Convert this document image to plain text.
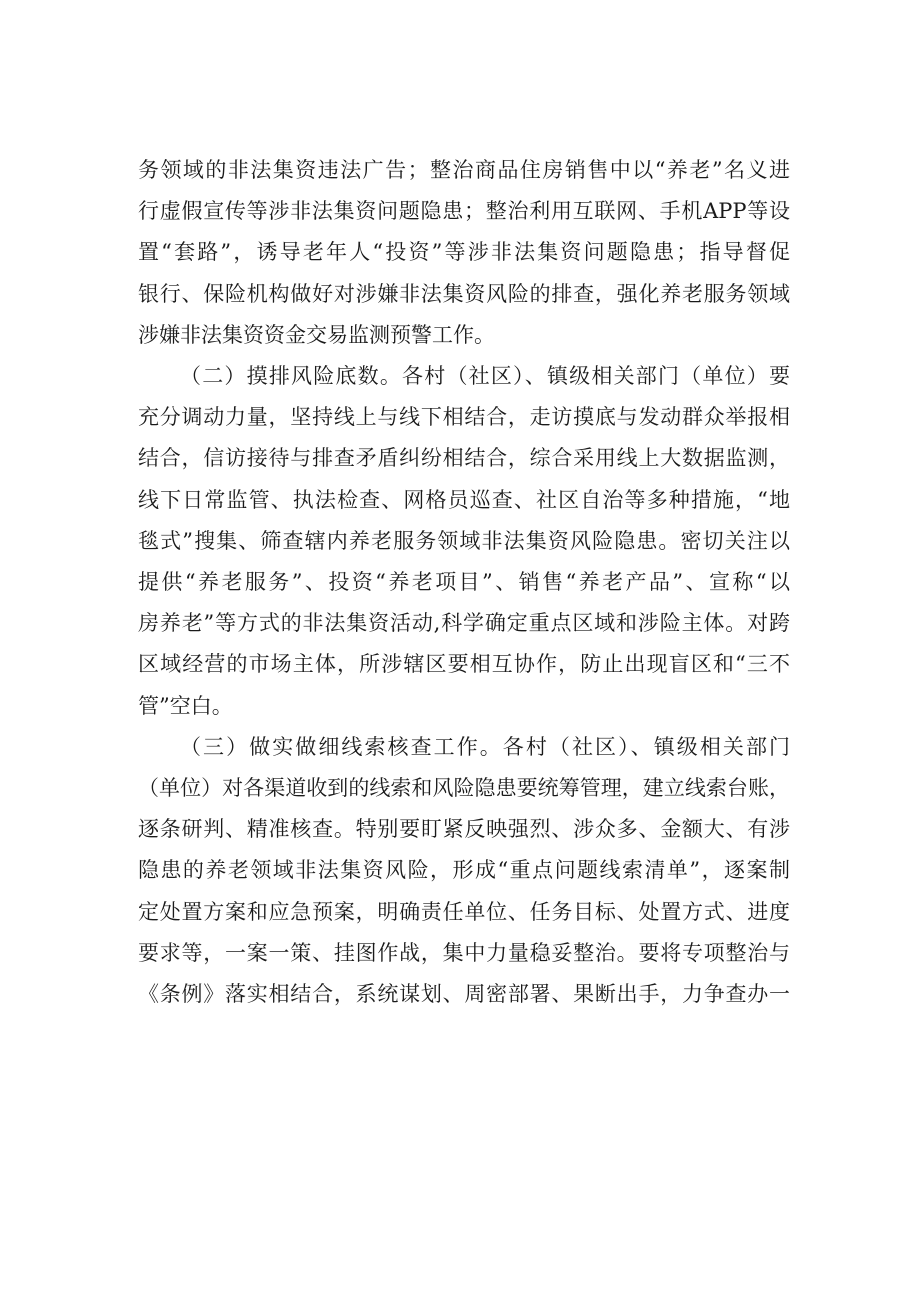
务领域的非法集资违法广告；整治商品住房销售中以“养老”名义进
行虚假宣传等涉非法集资问题隐患；整治利用互联网、手机APP等设
置“套路”，诱导老年人“投资”等涉非法集资问题隐患；指导督促
银行、保险机构做好对涉嫌非法集资风险的排查，强化养老服务领域
涉嫌非法集资资金交易监测预警工作。
（二）摸排风险底数。各村（社区）、镇级相关部门（单位）要
充分调动力量，坚持线上与线下相结合，走访摸底与发动群众举报相
结合，信访接待与排查矛盾纠纷相结合，综合采用线上大数据监测，
线下日常监管、执法检查、网格员巡查、社区自治等多种措施，“地
毯式”搜集、筛查辖内养老服务领域非法集资风险隐患。密切关注以
提供“养老服务”、投资“养老项目”、销售“养老产品”、宣称“以
房养老”等方式的非法集资活动,科学确定重点区域和涉险主体。对跨
区域经营的市场主体，所涉辖区要相互协作，防止出现盲区和“三不
管”空白。
（三）做实做细线索核查工作。各村（社区）、镇级相关部门
（单位）对各渠道收到的线索和风险隐患要统筹管理，建立线索台账，
逐条研判、精准核查。特别要盯紧反映强烈、涉众多、金额大、有涉
隐患的养老领域非法集资风险，形成“重点问题线索清单”，逐案制
定处置方案和应急预案，明确责任单位、任务目标、处置方式、进度
要求等，一案一策、挂图作战，集中力量稳妥整治。要将专项整治与
《条例》落实相结合，系统谋划、周密部署、果断出手，力争查办一
